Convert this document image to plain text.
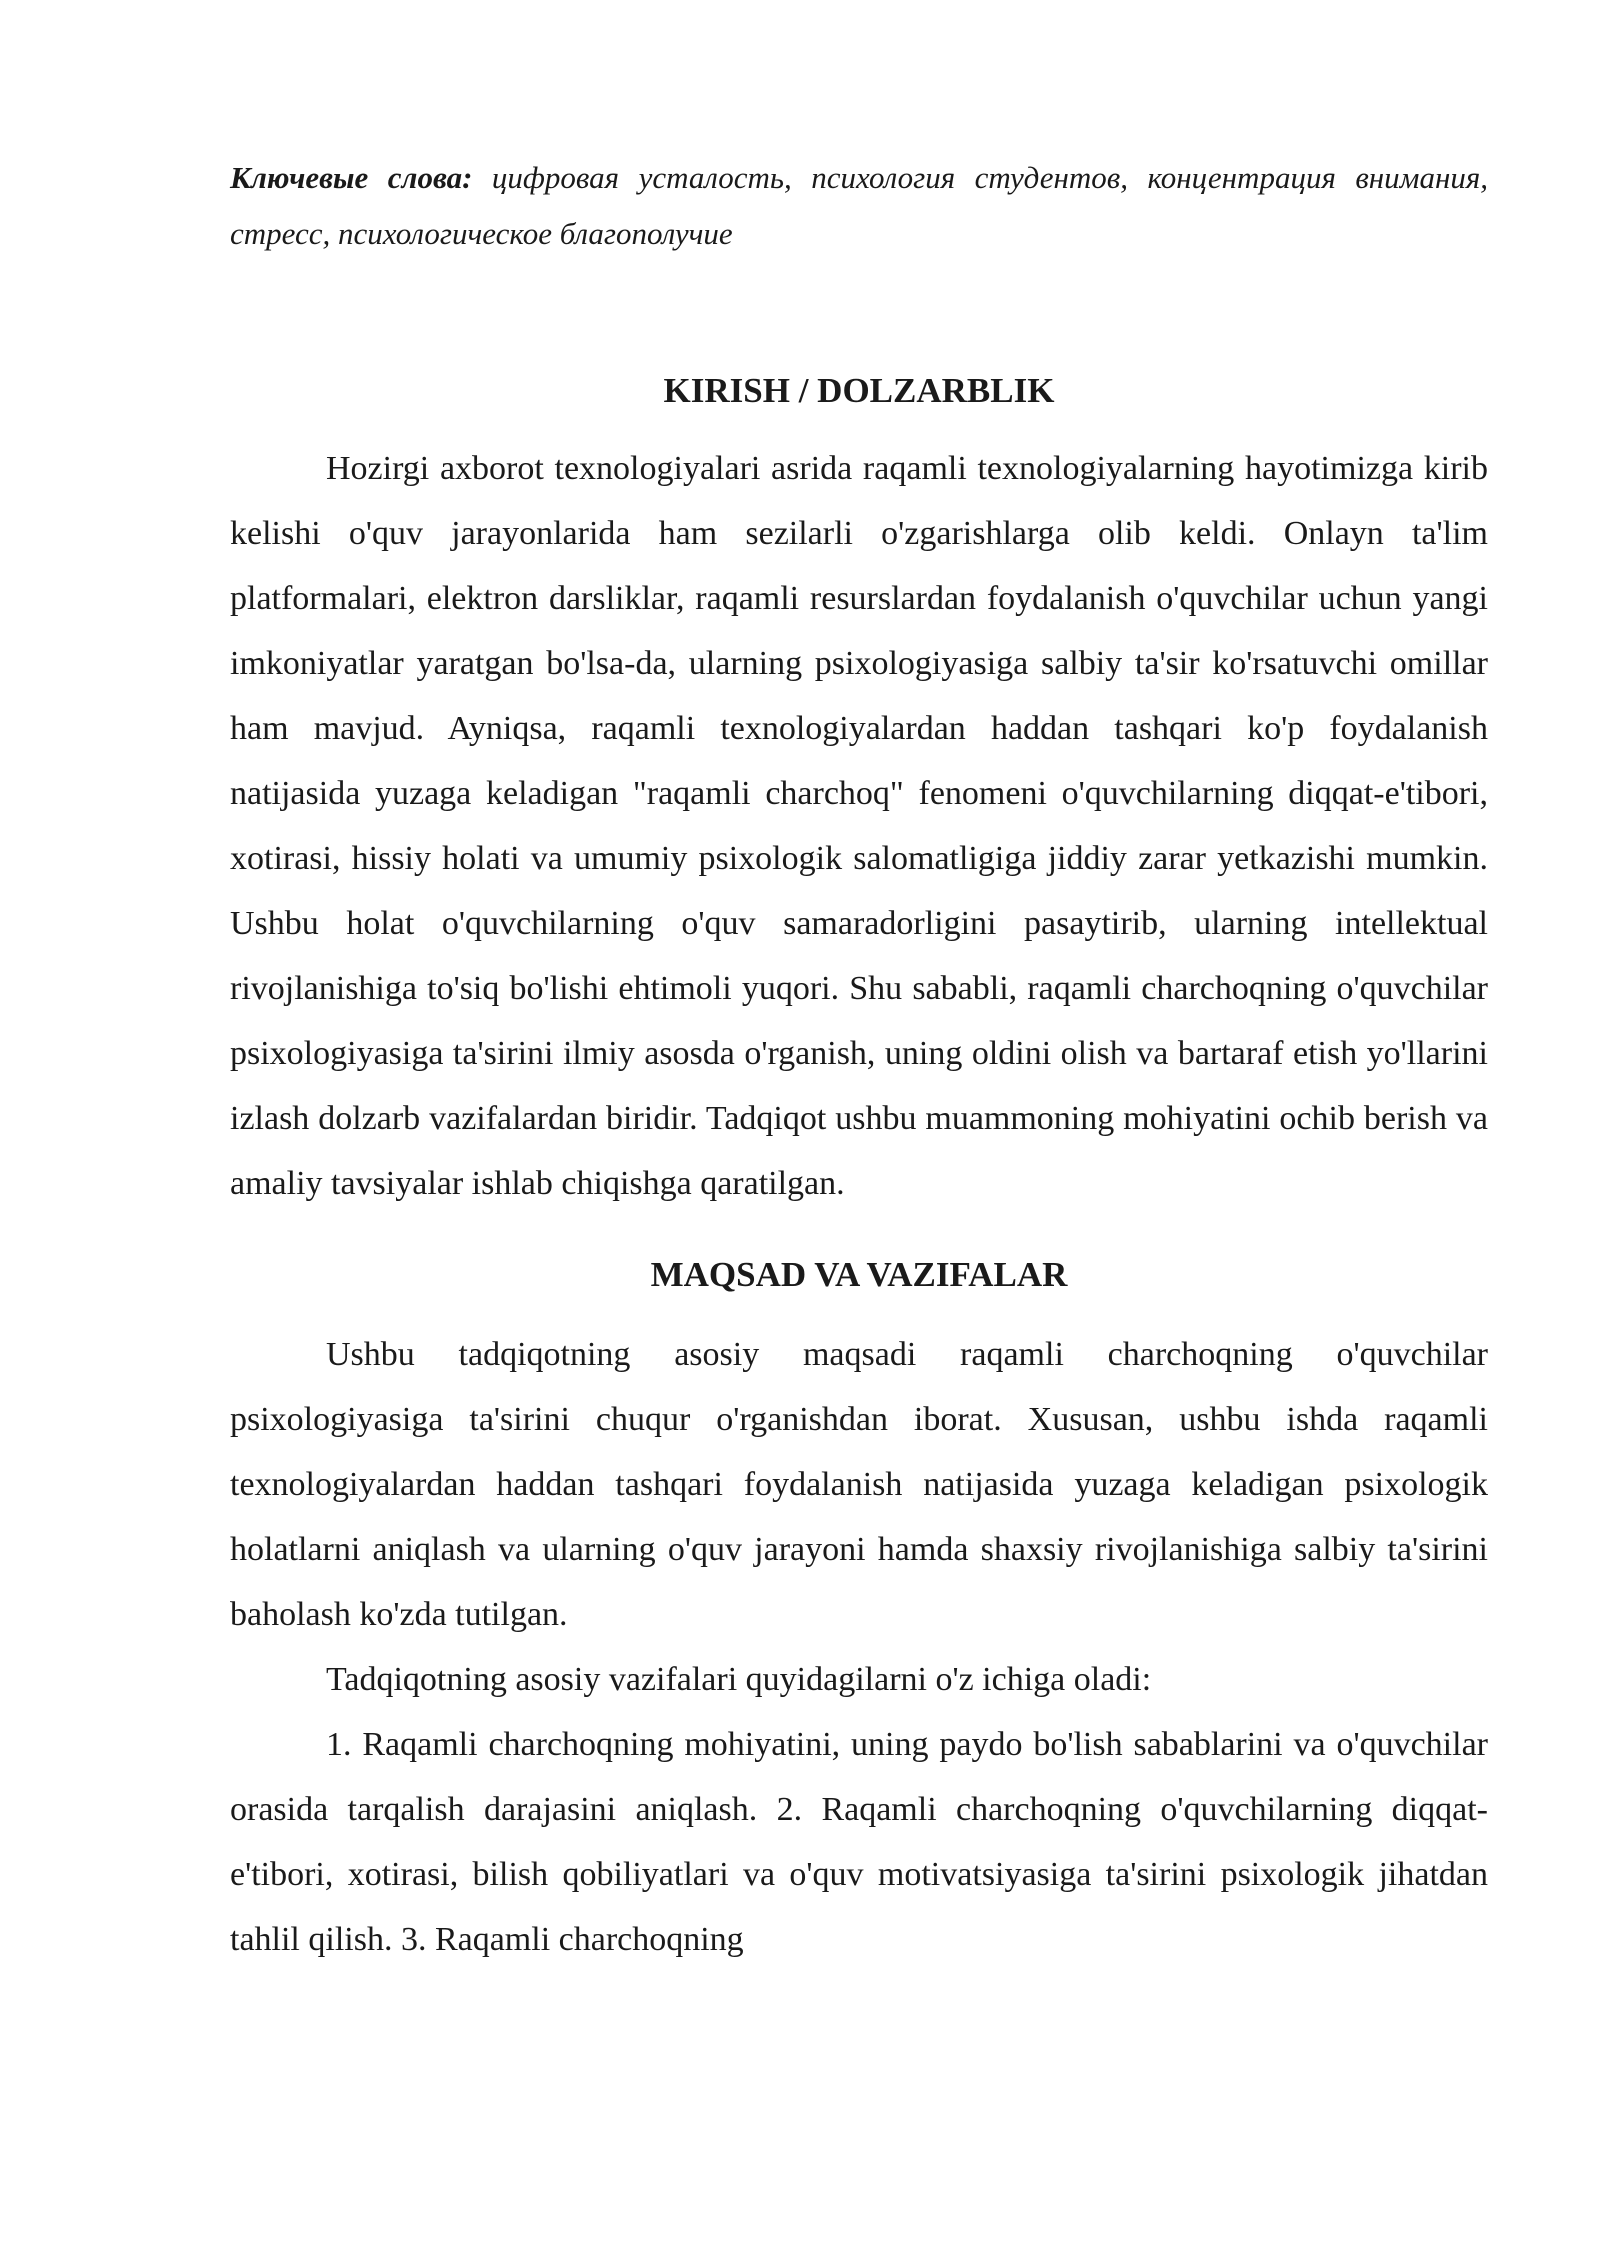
Ключевые слова: цифровая усталость, психология студентов, концентрация внимания, стресс, психологическое благополучие

KIRISH / DOLZARBLIK

Hozirgi axborot texnologiyalari asrida raqamli texnologiyalarning hayotimizga kirib kelishi o'quv jarayonlarida ham sezilarli o'zgarishlarga olib keldi. Onlayn ta'lim platformalari, elektron darsliklar, raqamli resurslardan foydalanish o'quvchilar uchun yangi imkoniyatlar yaratgan bo'lsa-da, ularning psixologiyasiga salbiy ta'sir ko'rsatuvchi omillar ham mavjud. Ayniqsa, raqamli texnologiyalardan haddan tashqari ko'p foydalanish natijasida yuzaga keladigan "raqamli charchoq" fenomeni o'quvchilarning diqqat-e'tibori, xotirasi, hissiy holati va umumiy psixologik salomatligiga jiddiy zarar yetkazishi mumkin. Ushbu holat o'quvchilarning o'quv samaradorligini pasaytirib, ularning intellektual rivojlanishiga to'siq bo'lishi ehtimoli yuqori. Shu sababli, raqamli charchoqning o'quvchilar psixologiyasiga ta'sirini ilmiy asosda o'rganish, uning oldini olish va bartaraf etish yo'llarini izlash dolzarb vazifalardan biridir. Tadqiqot ushbu muammoning mohiyatini ochib berish va amaliy tavsiyalar ishlab chiqishga qaratilgan.

MAQSAD VA VAZIFALAR

Ushbu tadqiqotning asosiy maqsadi raqamli charchoqning o'quvchilar psixologiyasiga ta'sirini chuqur o'rganishdan iborat. Xususan, ushbu ishda raqamli texnologiyalardan haddan tashqari foydalanish natijasida yuzaga keladigan psixologik holatlarni aniqlash va ularning o'quv jarayoni hamda shaxsiy rivojlanishiga salbiy ta'sirini baholash ko'zda tutilgan.

Tadqiqotning asosiy vazifalari quyidagilarni o'z ichiga oladi:

1. Raqamli charchoqning mohiyatini, uning paydo bo'lish sabablarini va o'quvchilar orasida tarqalish darajasini aniqlash. 2. Raqamli charchoqning o'quvchilarning diqqat-e'tibori, xotirasi, bilish qobiliyatlari va o'quv motivatsiyasiga ta'sirini psixologik jihatdan tahlil qilish. 3. Raqamli charchoqning
